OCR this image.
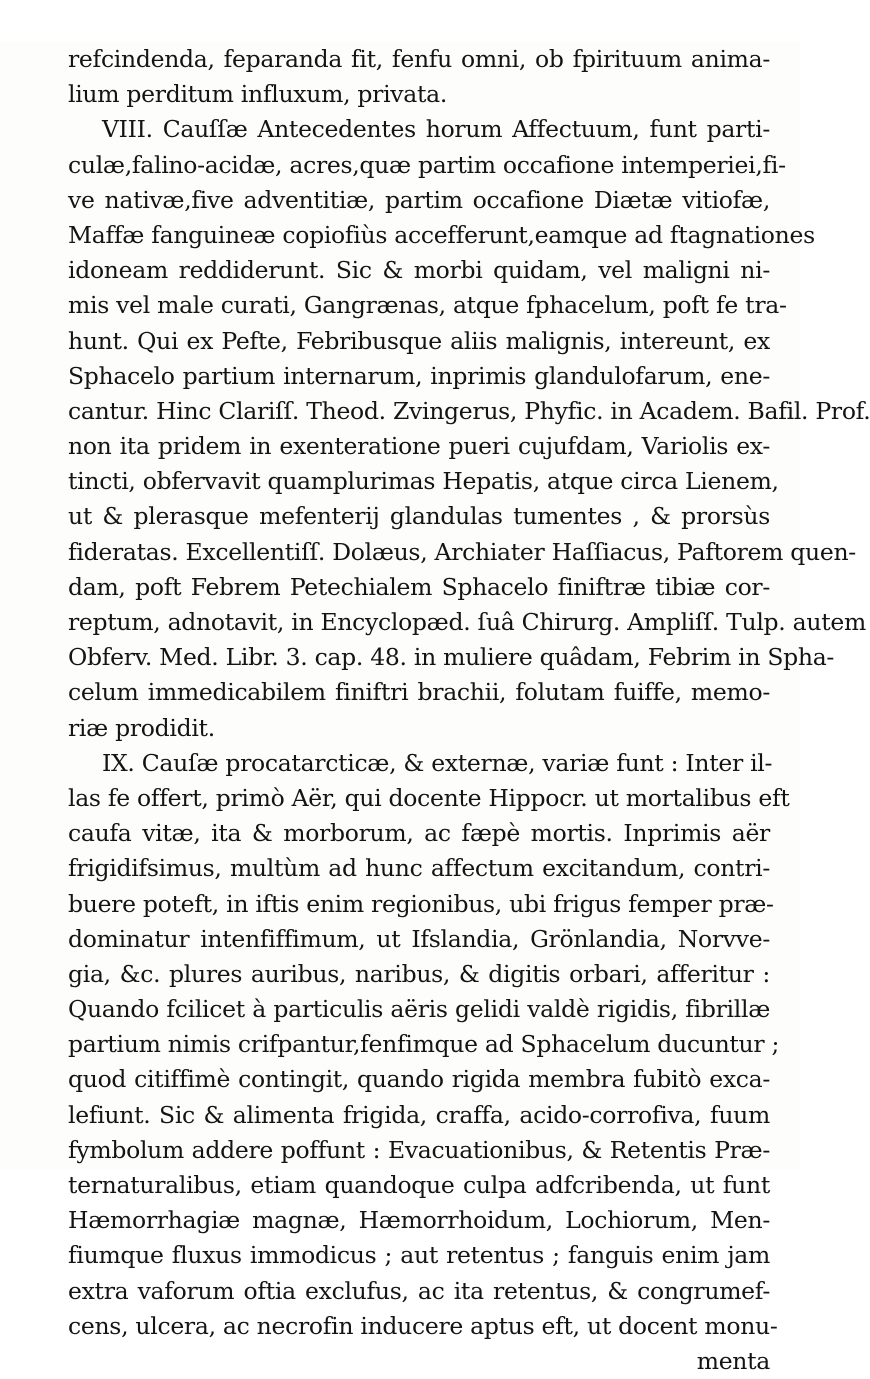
refcindenda, feparanda fit, fenfu omni, ob fpirituum anima-
lium perditum influxum, privata.
VIII. Cauſſæ Antecedentes horum Affectuum, funt parti-
culæ,falino-acidæ, acres,quæ partim occafione intemperiei,fi-
ve nativæ,five adventitiæ, partim occafione Diætæ vitiofæ,
Maffæ fanguineæ copiofiùs accefferunt,eamque ad ftagnationes
idoneam reddiderunt. Sic & morbi quidam, vel maligni ni-
mis vel male curati, Gangrænas, atque fphacelum, poft fe tra-
hunt. Qui ex Pefte, Febribusque aliis malignis, intereunt, ex
Sphacelo partium internarum, inprimis glandulofarum, ene-
cantur. Hinc Clariſſ. Theod. Zvingerus, Phyfic. in Academ. Bafil. Prof.
non ita pridem in exenteratione pueri cujufdam, Variolis ex-
tincti, obfervavit quamplurimas Hepatis, atque circa Lienem,
ut & plerasque mefenterij glandulas tumentes , & prorsùs
fideratas. Excellentiſſ. Dolæus, Archiater Haſſiacus, Paftorem quen-
dam, poft Febrem Petechialem Sphacelo finiftræ tibiæ cor-
reptum, adnotavit, in Encyclopæd. ſuâ Chirurg. Ampliſſ. Tulp. autem
Obferv. Med. Libr. 3. cap. 48. in muliere quâdam, Febrim in Spha-
celum immedicabilem finiftri brachii, folutam fuiffe, memo-
riæ prodidit.
IX. Cauſæ procatarcticæ, & externæ, variæ funt : Inter il-
las fe offert, primò Aër, qui docente Hippocr. ut mortalibus eft
caufa vitæ, ita & morborum, ac fæpè mortis. Inprimis aër
frigidifsimus, multùm ad hunc affectum excitandum, contri-
buere poteft, in iftis enim regionibus, ubi frigus femper præ-
dominatur intenfiffimum, ut Ifslandia, Grönlandia, Norvve-
gia, &c. plures auribus, naribus, & digitis orbari, afferitur :
Quando fcilicet à particulis aëris gelidi valdè rigidis, fibrillæ
partium nimis crifpantur,fenfimque ad Sphacelum ducuntur ;
quod citiffimè contingit, quando rigida membra fubitò exca-
lefiunt. Sic & alimenta frigida, craffa, acido-corrofiva, fuum
fymbolum addere poffunt : Evacuationibus, & Retentis Præ-
ternaturalibus, etiam quandoque culpa adfcribenda, ut funt
Hæmorrhagiæ magnæ, Hæmorrhoidum, Lochiorum, Men-
fiumque fluxus immodicus ; aut retentus ; fanguis enim jam
extra vaforum oftia exclufus, ac ita retentus, & congrumef-
cens, ulcera, ac necrofin inducere aptus eft, ut docent monu-
menta
